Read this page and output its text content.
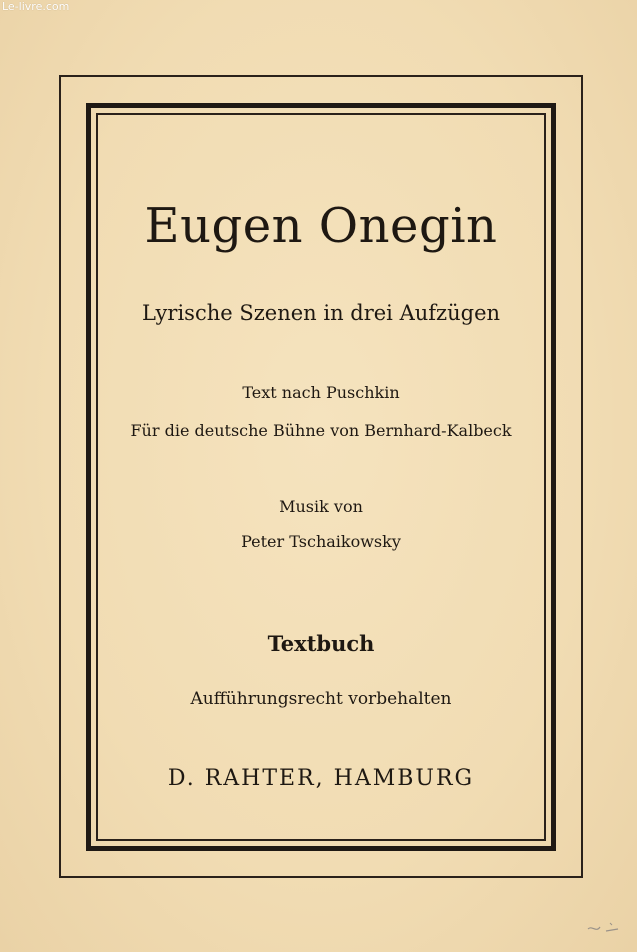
Le-livre.com
Eugen Onegin
Lyrische Szenen in drei Aufzügen
Text nach Puschkin
Für die deutsche Bühne von Bernhard-Kalbeck
Musik von
Peter Tschaikowsky
Textbuch
Aufführungsrecht vorbehalten
D. RAHTER, HAMBURG
